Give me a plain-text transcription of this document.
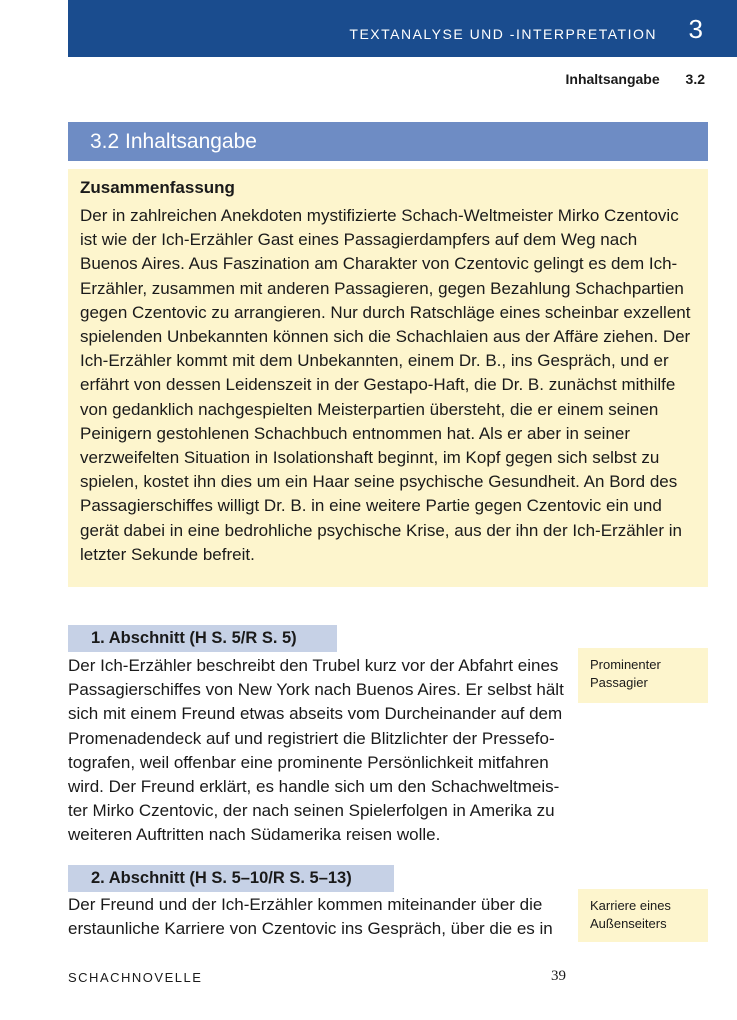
TEXTANALYSE UND -INTERPRETATION 3
Inhaltsangabe 3.2
3.2 Inhaltsangabe
Zusammenfassung

Der in zahlreichen Anekdoten mystifizierte Schach-Weltmeister Mirko Czentovic ist wie der Ich-Erzähler Gast eines Passagierdampfers auf dem Weg nach Buenos Aires. Aus Faszination am Charakter von Czentovic gelingt es dem Ich-Erzähler, zusammen mit anderen Passagieren, gegen Bezahlung Schachpartien gegen Czentovic zu arrangieren. Nur durch Ratschläge eines scheinbar exzellent spielenden Unbekannten können sich die Schachlaien aus der Affäre ziehen. Der Ich-Erzähler kommt mit dem Unbekannten, einem Dr. B., ins Gespräch, und er erfährt von dessen Leidenszeit in der Gestapo-Haft, die Dr. B. zunächst mithilfe von gedanklich nachgespielten Meisterpartien übersteht, die er einem seinen Peinigern gestohlenen Schachbuch entnommen hat. Als er aber in seiner verzweifelten Situation in Isolationshaft beginnt, im Kopf gegen sich selbst zu spielen, kostet ihn dies um ein Haar seine psychische Gesundheit. An Bord des Passagierschiffes willigt Dr. B. in eine weitere Partie gegen Czentovic ein und gerät dabei in eine bedrohliche psychische Krise, aus der ihn der Ich-Erzähler in letzter Sekunde befreit.

1. Abschnitt (H S. 5/R S. 5)

Der Ich-Erzähler beschreibt den Trubel kurz vor der Abfahrt eines Passagierschiffes von New York nach Buenos Aires. Er selbst hält sich mit einem Freund etwas abseits vom Durcheinander auf dem Promenadendeck auf und registriert die Blitzlichter der Pressefo-tografen, weil offenbar eine prominente Persönlichkeit mitfahren wird. Der Freund erklärt, es handle sich um den Schachweltmeis-ter Mirko Czentovic, der nach seinen Spielerfolgen in Amerika zu weiteren Auftritten nach Südamerika reisen wolle.

Prominenter Passagier
2. Abschnitt (H S. 5–10/R S. 5–13)

Der Freund und der Ich-Erzähler kommen miteinander über die erstaunliche Karriere von Czentovic ins Gespräch, über die es in

Karriere eines Außenseiters
SCHACHNOVELLE	39
